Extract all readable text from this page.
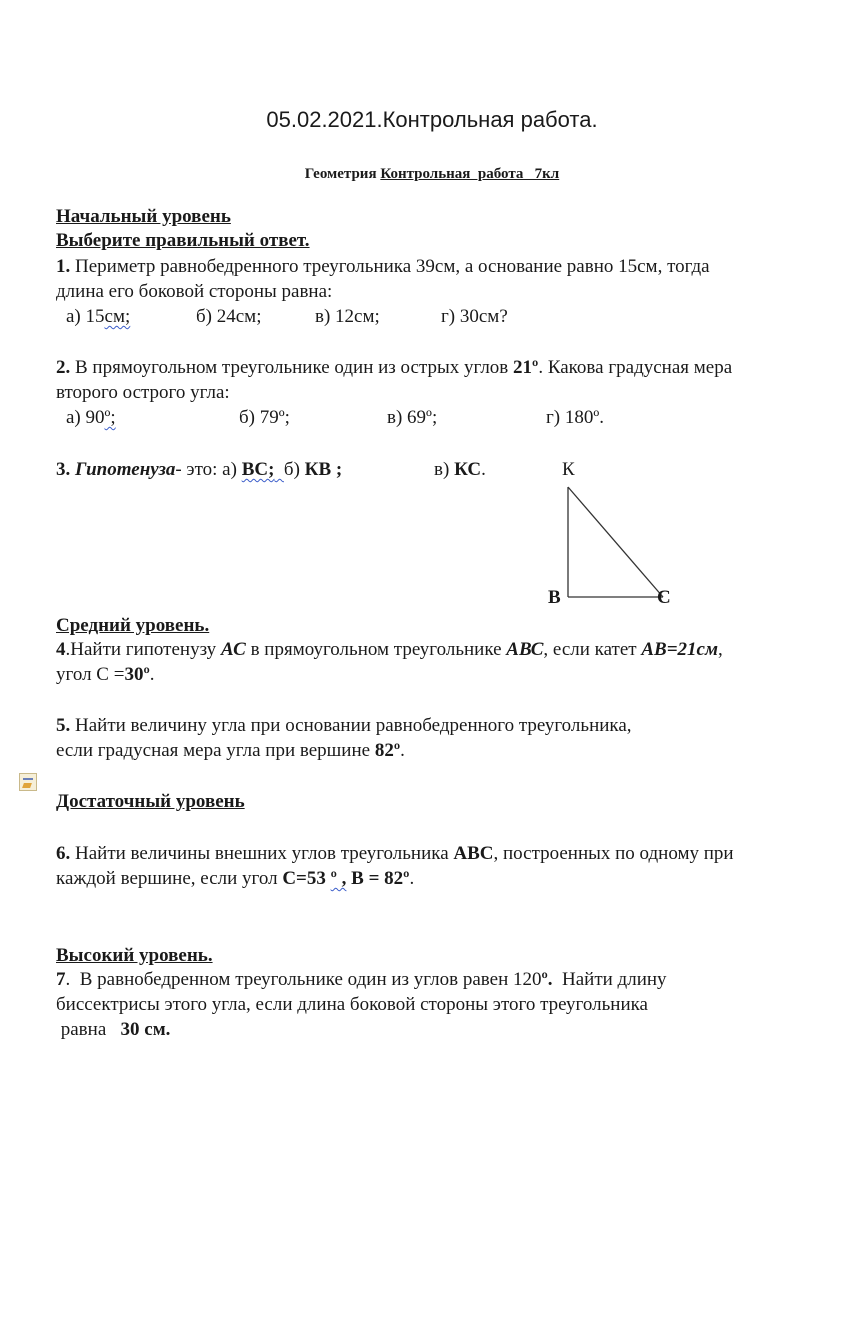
05.02.2021.Контрольная работа.
Геометрия Контрольная  работа   7кл
Начальный уровень
Выберите правильный ответ.
1. Периметр равнобедренного треугольника 39см, а основание равно 15см, тогда
длина его боковой стороны равна:
а) 15см;	б) 24см;	в) 12см;	г) 30см?
2. В прямоугольном треугольнике один из острых углов 21º. Какова градусная мера
второго острого угла:
а) 90º;	б) 79º;	в) 69º;	г) 180º.
3. Гипотенуза- это: а) ВС; б) КВ ;	в) КС.	К
В	С
Средний уровень.
4.Найти гипотенузу АС в прямоугольном треугольнике АВС, если катет АВ=21см,
угол С =30º.
5. Найти величину угла при основании равнобедренного треугольника,
если градусная мера угла при вершине 82º.
Достаточный уровень
6. Найти величины внешних углов треугольника АВС, построенных по одному при
каждой вершине, если угол С=53 º , В = 82º.
Высокий уровень.
7.  В равнобедренном треугольнике один из углов равен 120º.  Найти длину
биссектрисы этого угла, если длина боковой стороны этого треугольника
равна   30 см.
